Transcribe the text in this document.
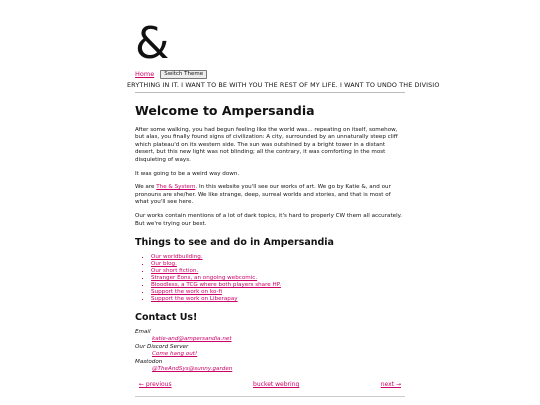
&
Home	Switch Theme
ERYTHING IN IT. I WANT TO BE WITH YOU THE REST OF MY LIFE. I WANT TO UNDO THE DIVISIO
Welcome to Ampersandia

After some walking, you had begun feeling like the world was... repeating on itself, somehow, but alas, you finally found signs of civilization: A city, surrounded by an unnaturally steep cliff which plateau'd on its western side. The sun was outshined by a bright tower in a distant desert, but this new light was not blinding; all the contrary, it was comforting in the most disquieting of ways.

It was going to be a weird way down.

We are The & System. In this website you'll see our works of art. We go by Katie &, and our pronouns are she/her. We like strange, deep, surreal worlds and stories, and that is most of what you'll see here.

Our works contain mentions of a lot of dark topics, it's hard to properly CW them all accurately. But we're trying our best.

Things to see and do in Ampersandia
▪ Our worldbuilding.
▪ Our blog.
▪ Our short fiction.
▪ Stranger Eons, an ongoing webcomic.
▪ Bloodless, a TCG where both players share HP.
▪ Support the work on ko-fi
▪ Support the work on Liberapay
Contact Us!
Email
katie-and@ampersandia.net
Our Discord Server
Come hang out!
Mastodon
@TheAndSys@sunny.garden
← previous	bucket webring	next →
